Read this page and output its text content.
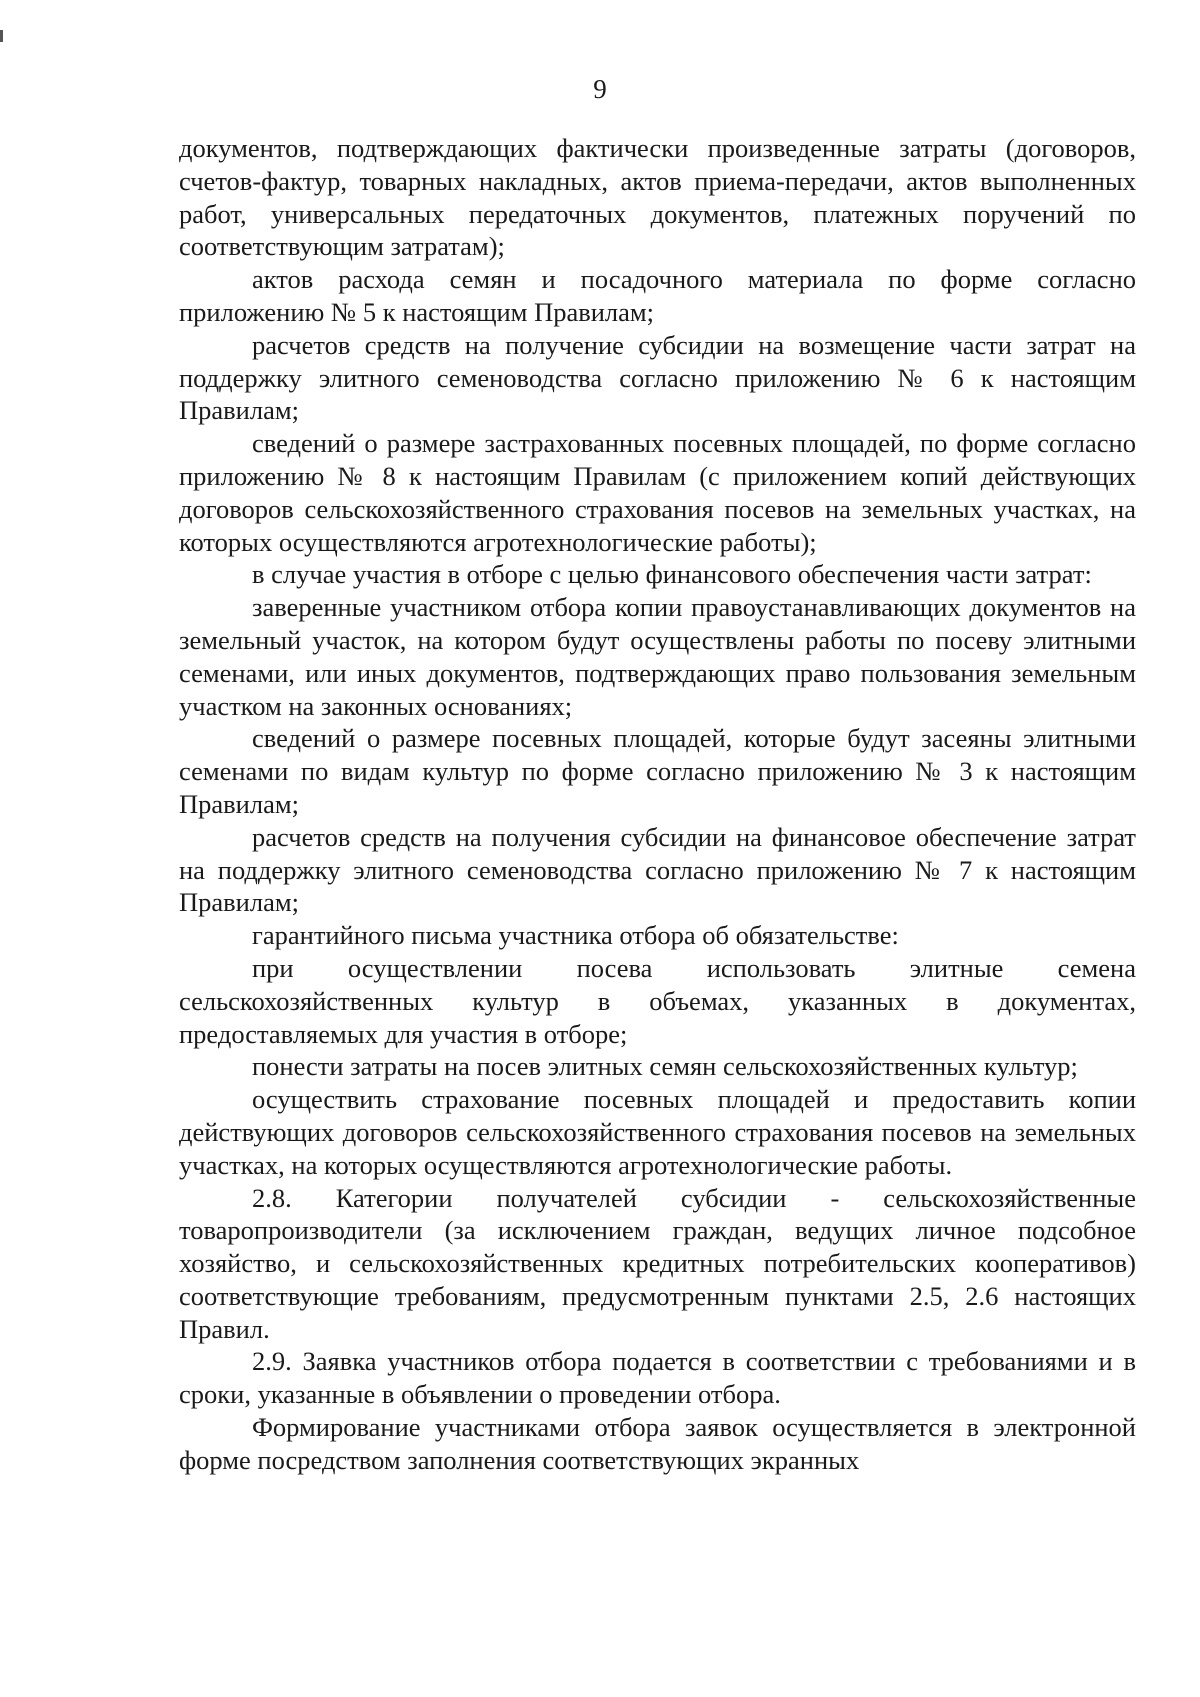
9

документов, подтверждающих фактически произведенные затраты (договоров, счетов-фактур, товарных накладных, актов приема-передачи, актов выполненных работ, универсальных передаточных документов, платежных поручений по соответствующим затратам);

актов расхода семян и посадочного материала по форме согласно приложению № 5 к настоящим Правилам;

расчетов средств на получение субсидии на возмещение части затрат на поддержку элитного семеноводства согласно приложению № 6 к настоящим Правилам;

сведений о размере застрахованных посевных площадей, по форме согласно приложению № 8 к настоящим Правилам (с приложением копий действующих договоров сельскохозяйственного страхования посевов на земельных участках, на которых осуществляются агротехнологические работы);

в случае участия в отборе с целью финансового обеспечения части затрат:

заверенные участником отбора копии правоустанавливающих документов на земельный участок, на котором будут осуществлены работы по посеву элитными семенами, или иных документов, подтверждающих право пользования земельным участком на законных основаниях;

сведений о размере посевных площадей, которые будут засеяны элитными семенами по видам культур по форме согласно приложению № 3 к настоящим Правилам;

расчетов средств на получения субсидии на финансовое обеспечение затрат на поддержку элитного семеноводства согласно приложению № 7 к настоящим Правилам;

гарантийного письма участника отбора об обязательстве:

при осуществлении посева использовать элитные семена сельскохозяйственных культур в объемах, указанных в документах, предоставляемых для участия в отборе;

понести затраты на посев элитных семян сельскохозяйственных культур;

осуществить страхование посевных площадей и предоставить копии действующих договоров сельскохозяйственного страхования посевов на земельных участках, на которых осуществляются агротехнологические работы.

2.8. Категории получателей субсидии - сельскохозяйственные товаропроизводители (за исключением граждан, ведущих личное подсобное хозяйство, и сельскохозяйственных кредитных потребительских кооперативов) соответствующие требованиям, предусмотренным пунктами 2.5, 2.6 настоящих Правил.

2.9. Заявка участников отбора подается в соответствии с требованиями и в сроки, указанные в объявлении о проведении отбора.

Формирование участниками отбора заявок осуществляется в электронной форме посредством заполнения соответствующих экранных
